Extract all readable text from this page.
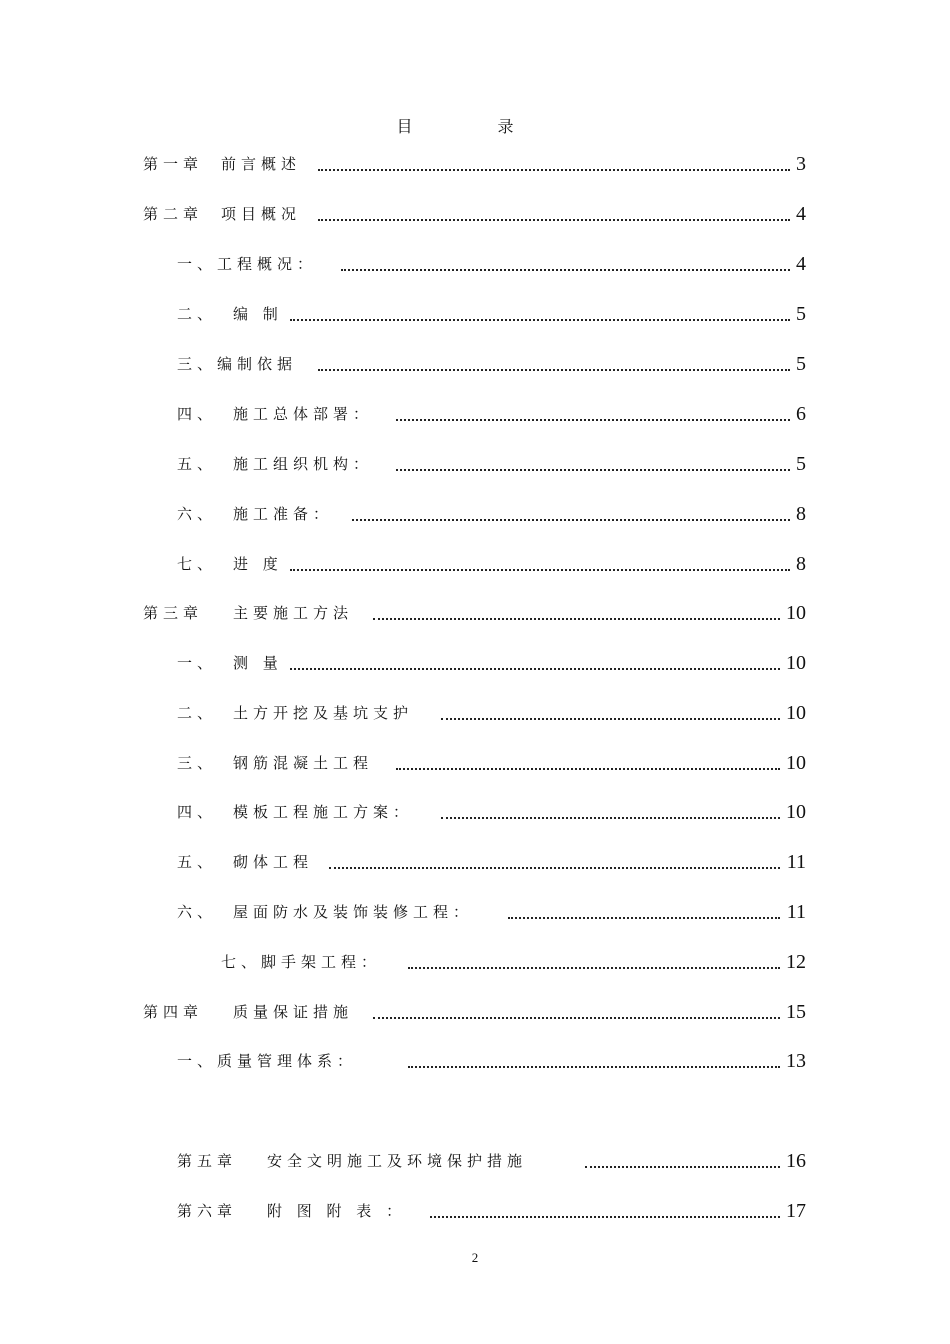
目 录
第一章 前言概述	3
第二章 项目概况	4
一、工程概况：	4
二、 编 制	5
三、编制依据	5
四、 施工总体部署：	6
五、 施工组织机构：	5
六、 施工准备：	8
七、 进 度	8
第三章 主要施工方法	10
一、 测 量	10
二、 土方开挖及基坑支护	10
三、 钢筋混凝土工程	10
四、 模板工程施工方案：	10
五、 砌体工程	11
六、 屋面防水及装饰装修工程：	11
七、脚手架工程：	12
第四章 质量保证措施	15
一、质量管理体系：	13
第五章 安全文明施工及环境保护措施	16
第六章 附 图 附 表 ：	17
2
